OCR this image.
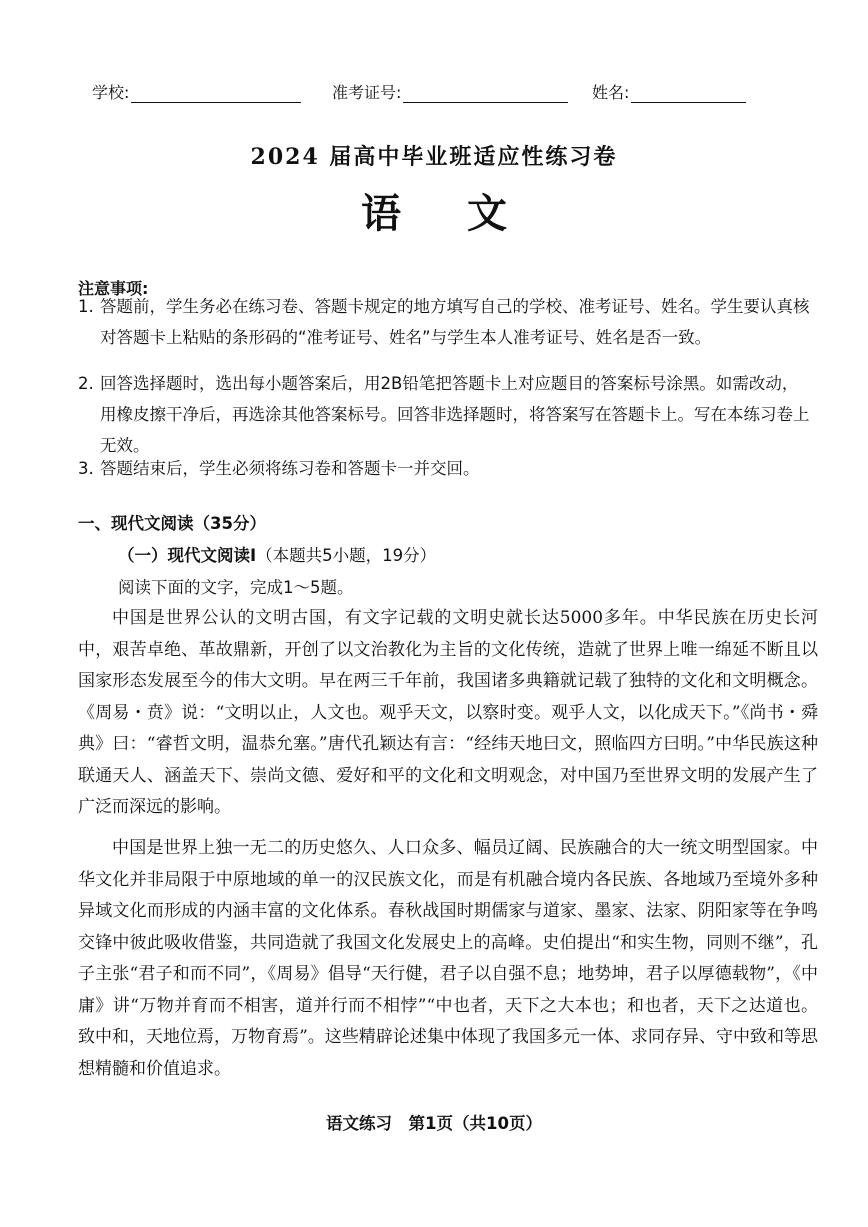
学校:	准考证号:	姓名:
2024 届高中毕业班适应性练习卷
语 文
注意事项:
1. 答题前，学生务必在练习卷、答题卡规定的地方填写自己的学校、准考证号、姓名。学生要认真核对答题卡上粘贴的条形码的“准考证号、姓名”与学生本人准考证号、姓名是否一致。
2. 回答选择题时，选出每小题答案后，用2B铅笔把答题卡上对应题目的答案标号涂黑。如需改动，用橡皮擦干净后，再选涂其他答案标号。回答非选择题时，将答案写在答题卡上。写在本练习卷上无效。
3. 答题结束后，学生必须将练习卷和答题卡一并交回。
一、现代文阅读（35分）
（一）现代文阅读Ⅰ（本题共5小题，19分）
阅读下面的文字，完成1～5题。
中国是世界公认的文明古国，有文字记载的文明史就长达5000多年。中华民族在历史长河中，艰苦卓绝、革故鼎新，开创了以文治教化为主旨的文化传统，造就了世界上唯一绵延不断且以国家形态发展至今的伟大文明。早在两三千年前，我国诸多典籍就记载了独特的文化和文明概念。《周易・贲》说：“文明以止，人文也。观乎天文，以察时变。观乎人文，以化成天下。”《尚书・舜典》曰：“睿哲文明，温恭允塞。”唐代孔颖达有言：“经纬天地曰文，照临四方曰明。”中华民族这种联通天人、涵盖天下、崇尚文德、爱好和平的文化和文明观念，对中国乃至世界文明的发展产生了广泛而深远的影响。
中国是世界上独一无二的历史悠久、人口众多、幅员辽阔、民族融合的大一统文明型国家。中华文化并非局限于中原地域的单一的汉民族文化，而是有机融合境内各民族、各地域乃至境外多种异域文化而形成的内涵丰富的文化体系。春秋战国时期儒家与道家、墨家、法家、阴阳家等在争鸣交锋中彼此吸收借鉴，共同造就了我国文化发展史上的高峰。史伯提出“和实生物，同则不继”，孔子主张“君子和而不同”，《周易》倡导“天行健，君子以自强不息；地势坤，君子以厚德载物”，《中庸》讲“万物并育而不相害，道并行而不相悖”“中也者，天下之大本也；和也者，天下之达道也。致中和，天地位焉，万物育焉”。这些精辟论述集中体现了我国多元一体、求同存异、守中致和等思想精髓和价值追求。
语文练习　第1页（共10页）
